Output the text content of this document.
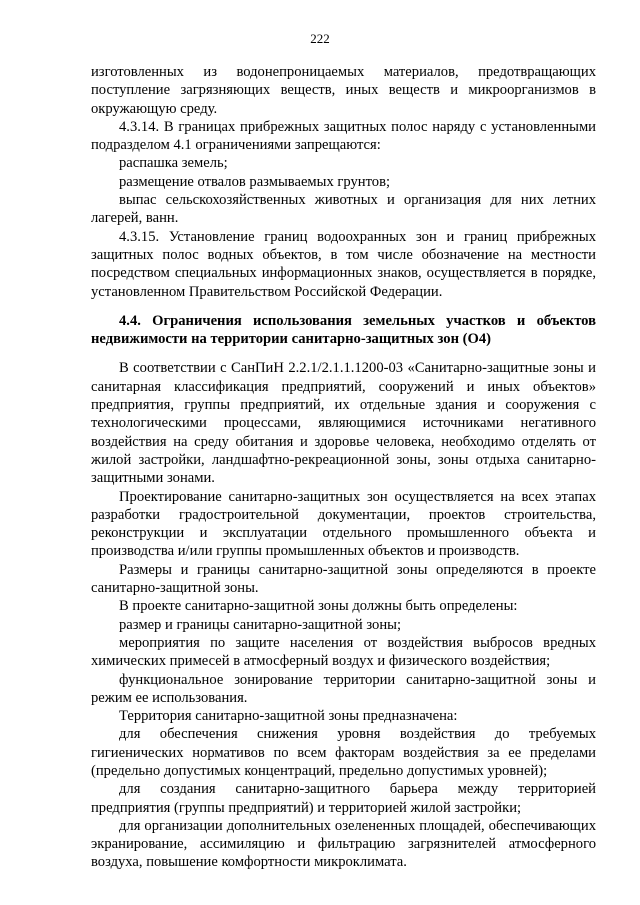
222

изготовленных из водонепроницаемых материалов, предотвращающих поступление загрязняющих веществ, иных веществ и микроорганизмов в окружающую среду.

4.3.14. В границах прибрежных защитных полос наряду с установленными подразделом 4.1 ограничениями запрещаются:

распашка земель;

размещение отвалов размываемых грунтов;

выпас сельскохозяйственных животных и организация для них летних лагерей, ванн.

4.3.15. Установление границ водоохранных зон и границ прибрежных защитных полос водных объектов, в том числе обозначение на местности посредством специальных информационных знаков, осуществляется в порядке, установленном Правительством Российской Федерации.

4.4. Ограничения использования земельных участков и объектов недвижимости на территории санитарно-защитных зон (О4)

В соответствии с СанПиН 2.2.1/2.1.1.1200-03 «Санитарно-защитные зоны и санитарная классификация предприятий, сооружений и иных объектов» предприятия, группы предприятий, их отдельные здания и сооружения с технологическими процессами, являющимися источниками негативного воздействия на среду обитания и здоровье человека, необходимо отделять от жилой застройки, ландшафтно-рекреационной зоны, зоны отдыха санитарно-защитными зонами.

Проектирование санитарно-защитных зон осуществляется на всех этапах разработки градостроительной документации, проектов строительства, реконструкции и эксплуатации отдельного промышленного объекта и производства и/или группы промышленных объектов и производств.

Размеры и границы санитарно-защитной зоны определяются в проекте санитарно-защитной зоны.

В проекте санитарно-защитной зоны должны быть определены:

размер и границы санитарно-защитной зоны;

мероприятия по защите населения от воздействия выбросов вредных химических примесей в атмосферный воздух и физического воздействия;

функциональное зонирование территории санитарно-защитной зоны и режим ее использования.

Территория санитарно-защитной зоны предназначена:

для обеспечения снижения уровня воздействия до требуемых гигиенических нормативов по всем факторам воздействия за ее пределами (предельно допустимых концентраций, предельно допустимых уровней);

для создания санитарно-защитного барьера между территорией предприятия (группы предприятий) и территорией жилой застройки;

для организации дополнительных озелененных площадей, обеспечивающих экранирование, ассимиляцию и фильтрацию загрязнителей атмосферного воздуха, повышение комфортности микроклимата.
